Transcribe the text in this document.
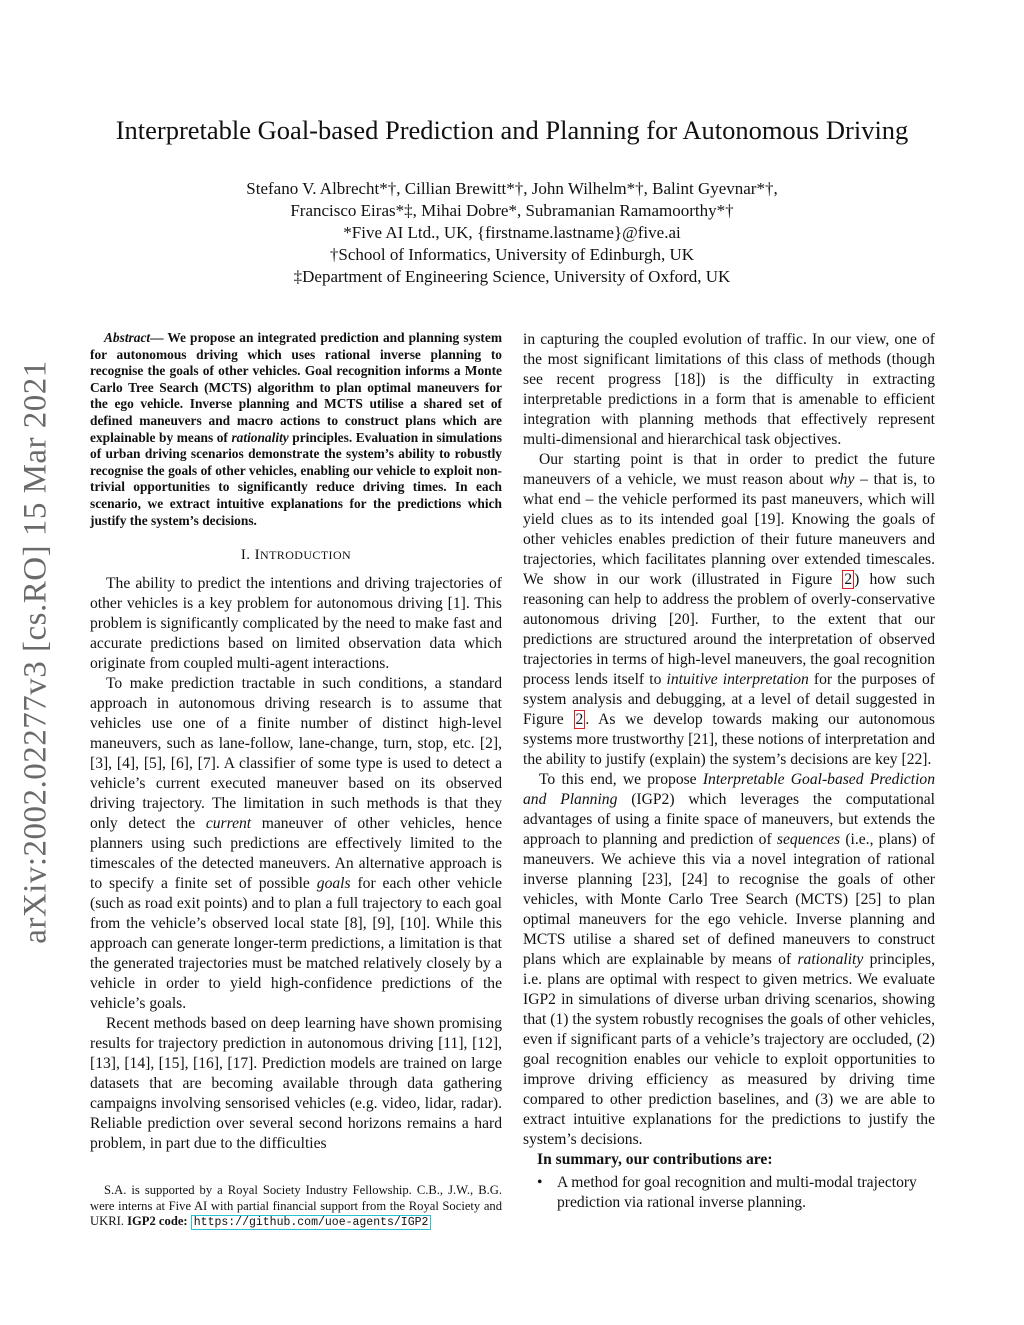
arXiv:2002.02277v3 [cs.RO] 15 Mar 2021
Interpretable Goal-based Prediction and Planning for Autonomous Driving
Stefano V. Albrecht*†, Cillian Brewitt*†, John Wilhelm*†, Balint Gyevnar*†,
Francisco Eiras*‡, Mihai Dobre*, Subramanian Ramamoorthy*†
*Five AI Ltd., UK, {firstname.lastname}@five.ai
†School of Informatics, University of Edinburgh, UK
‡Department of Engineering Science, University of Oxford, UK

Abstract— We propose an integrated prediction and planning system for autonomous driving which uses rational inverse planning to recognise the goals of other vehicles. Goal recognition informs a Monte Carlo Tree Search (MCTS) algorithm to plan optimal maneuvers for the ego vehicle. Inverse planning and MCTS utilise a shared set of defined maneuvers and macro actions to construct plans which are explainable by means of rationality principles. Evaluation in simulations of urban driving scenarios demonstrate the system’s ability to robustly recognise the goals of other vehicles, enabling our vehicle to exploit non-trivial opportunities to significantly reduce driving times. In each scenario, we extract intuitive explanations for the predictions which justify the system’s decisions.

I. INTRODUCTION

The ability to predict the intentions and driving trajectories of other vehicles is a key problem for autonomous driving [1]. This problem is significantly complicated by the need to make fast and accurate predictions based on limited observation data which originate from coupled multi-agent interactions.

To make prediction tractable in such conditions, a standard approach in autonomous driving research is to assume that vehicles use one of a finite number of distinct high-level maneuvers, such as lane-follow, lane-change, turn, stop, etc. [2], [3], [4], [5], [6], [7]. A classifier of some type is used to detect a vehicle’s current executed maneuver based on its observed driving trajectory. The limitation in such methods is that they only detect the current maneuver of other vehicles, hence planners using such predictions are effectively limited to the timescales of the detected maneuvers. An alternative approach is to specify a finite set of possible goals for each other vehicle (such as road exit points) and to plan a full trajectory to each goal from the vehicle’s observed local state [8], [9], [10]. While this approach can generate longer-term predictions, a limitation is that the generated trajectories must be matched relatively closely by a vehicle in order to yield high-confidence predictions of the vehicle’s goals.

Recent methods based on deep learning have shown promising results for trajectory prediction in autonomous driving [11], [12], [13], [14], [15], [16], [17]. Prediction models are trained on large datasets that are becoming available through data gathering campaigns involving sensorised vehicles (e.g. video, lidar, radar). Reliable prediction over several second horizons remains a hard problem, in part due to the difficulties

S.A. is supported by a Royal Society Industry Fellowship. C.B., J.W., B.G. were interns at Five AI with partial financial support from the Royal Society and UKRI. IGP2 code: https://github.com/uoe-agents/IGP2

in capturing the coupled evolution of traffic. In our view, one of the most significant limitations of this class of methods (though see recent progress [18]) is the difficulty in extracting interpretable predictions in a form that is amenable to efficient integration with planning methods that effectively represent multi-dimensional and hierarchical task objectives.

Our starting point is that in order to predict the future maneuvers of a vehicle, we must reason about why – that is, to what end – the vehicle performed its past maneuvers, which will yield clues as to its intended goal [19]. Knowing the goals of other vehicles enables prediction of their future maneuvers and trajectories, which facilitates planning over extended timescales. We show in our work (illustrated in Figure 2 ) how such reasoning can help to address the problem of overly-conservative autonomous driving [20]. Further, to the extent that our predictions are structured around the interpretation of observed trajectories in terms of high-level maneuvers, the goal recognition process lends itself to intuitive interpretation for the purposes of system analysis and debugging, at a level of detail suggested in Figure 2 . As we develop towards making our autonomous systems more trustworthy [21], these notions of interpretation and the ability to justify (explain) the system’s decisions are key [22].

To this end, we propose Interpretable Goal-based Prediction and Planning (IGP2) which leverages the computational advantages of using a finite space of maneuvers, but extends the approach to planning and prediction of sequences (i.e., plans) of maneuvers. We achieve this via a novel integration of rational inverse planning [23], [24] to recognise the goals of other vehicles, with Monte Carlo Tree Search (MCTS) [25] to plan optimal maneuvers for the ego vehicle. Inverse planning and MCTS utilise a shared set of defined maneuvers to construct plans which are explainable by means of rationality principles, i.e. plans are optimal with respect to given metrics. We evaluate IGP2 in simulations of diverse urban driving scenarios, showing that (1) the system robustly recognises the goals of other vehicles, even if significant parts of a vehicle’s trajectory are occluded, (2) goal recognition enables our vehicle to exploit opportunities to improve driving efficiency as measured by driving time compared to other prediction baselines, and (3) we are able to extract intuitive explanations for the predictions to justify the system’s decisions.

In summary, our contributions are:
• A method for goal recognition and multi-modal trajectory prediction via rational inverse planning.
